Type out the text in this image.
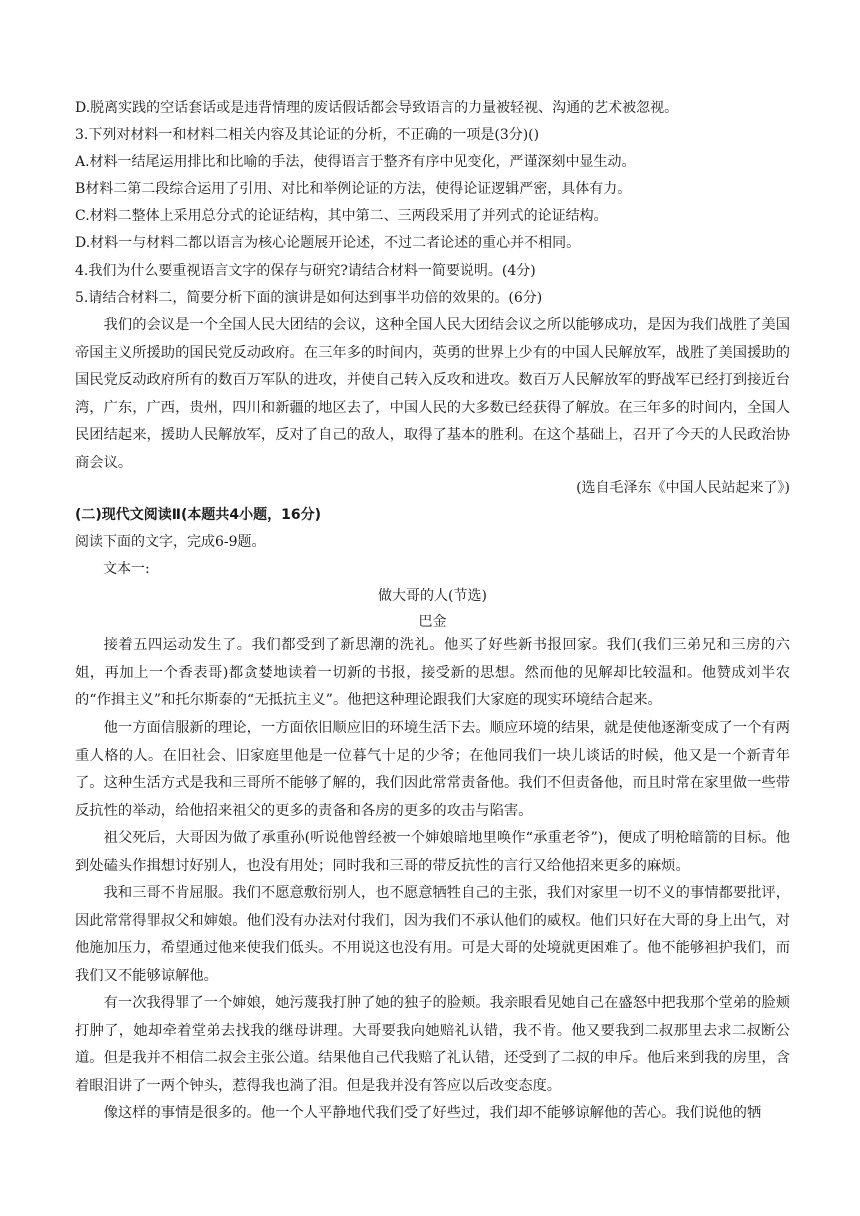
D.脱离实践的空话套话或是违背情理的废话假话都会导致语言的力量被轻视、沟通的艺术被忽视。
3.下列对材料一和材料二相关内容及其论证的分析，不正确的一项是(3分)()
A.材料一结尾运用排比和比喻的手法，使得语言于整齐有序中见变化，严谨深刻中显生动。
B材料二第二段综合运用了引用、对比和举例论证的方法，使得论证逻辑严密，具体有力。
C.材料二整体上采用总分式的论证结构，其中第二、三两段采用了并列式的论证结构。
D.材料一与材料二都以语言为核心论题展开论述，不过二者论述的重心并不相同。
4.我们为什么要重视语言文字的保存与研究?请结合材料一简要说明。(4分)
5.请结合材料二，简要分析下面的演讲是如何达到事半功倍的效果的。(6分)

我们的会议是一个全国人民大团结的会议，这种全国人民大团结会议之所以能够成功，是因为我们战胜了美国帝国主义所援助的国民党反动政府。在三年多的时间内，英勇的世界上少有的中国人民解放军，战胜了美国援助的国民党反动政府所有的数百万军队的进攻，并使自己转入反攻和进攻。数百万人民解放军的野战军已经打到接近台湾，广东，广西，贵州，四川和新疆的地区去了，中国人民的大多数已经获得了解放。在三年多的时间内，全国人民团结起来，援助人民解放军，反对了自己的敌人，取得了基本的胜利。在这个基础上，召开了今天的人民政治协商会议。

(选自毛泽东《中国人民站起来了》)
(二)现代文阅读Ⅱ(本题共4小题，16分)
阅读下面的文字，完成6-9题。
文本一:
做大哥的人(节选)
巴金

接着五四运动发生了。我们都受到了新思潮的洗礼。他买了好些新书报回家。我们(我们三弟兄和三房的六姐，再加上一个香表哥)都贪婪地读着一切新的书报，接受新的思想。然而他的见解却比较温和。他赞成刘半农的“作揖主义”和托尔斯泰的“无抵抗主义”。他把这种理论跟我们大家庭的现实环境结合起来。

他一方面信服新的理论，一方面依旧顺应旧的环境生活下去。顺应环境的结果，就是使他逐渐变成了一个有两重人格的人。在旧社会、旧家庭里他是一位暮气十足的少爷；在他同我们一块儿谈话的时候，他又是一个新青年了。这种生活方式是我和三哥所不能够了解的，我们因此常常责备他。我们不但责备他，而且时常在家里做一些带反抗性的举动，给他招来祖父的更多的责备和各房的更多的攻击与陷害。

祖父死后，大哥因为做了承重孙(听说他曾经被一个婶娘暗地里唤作“承重老爷”)，便成了明枪暗箭的目标。他到处磕头作揖想讨好别人，也没有用处；同时我和三哥的带反抗性的言行又给他招来更多的麻烦。

我和三哥不肯屈服。我们不愿意敷衍别人，也不愿意牺牲自己的主张，我们对家里一切不义的事情都要批评，因此常常得罪叔父和婶娘。他们没有办法对付我们，因为我们不承认他们的威权。他们只好在大哥的身上出气，对他施加压力，希望通过他来使我们低头。不用说这也没有用。可是大哥的处境就更困难了。他不能够袒护我们，而我们又不能够谅解他。

有一次我得罪了一个婶娘，她污蔑我打肿了她的独子的脸颊。我亲眼看见她自己在盛怒中把我那个堂弟的脸颊打肿了，她却牵着堂弟去找我的继母讲理。大哥要我向她赔礼认错，我不肯。他又要我到二叔那里去求二叔断公道。但是我并不相信二叔会主张公道。结果他自己代我赔了礼认错，还受到了二叔的申斥。他后来到我的房里，含着眼泪讲了一两个钟头，惹得我也淌了泪。但是我并没有答应以后改变态度。

像这样的事情是很多的。他一个人平静地代我们受了好些过，我们却不能够谅解他的苦心。我们说他的牺
